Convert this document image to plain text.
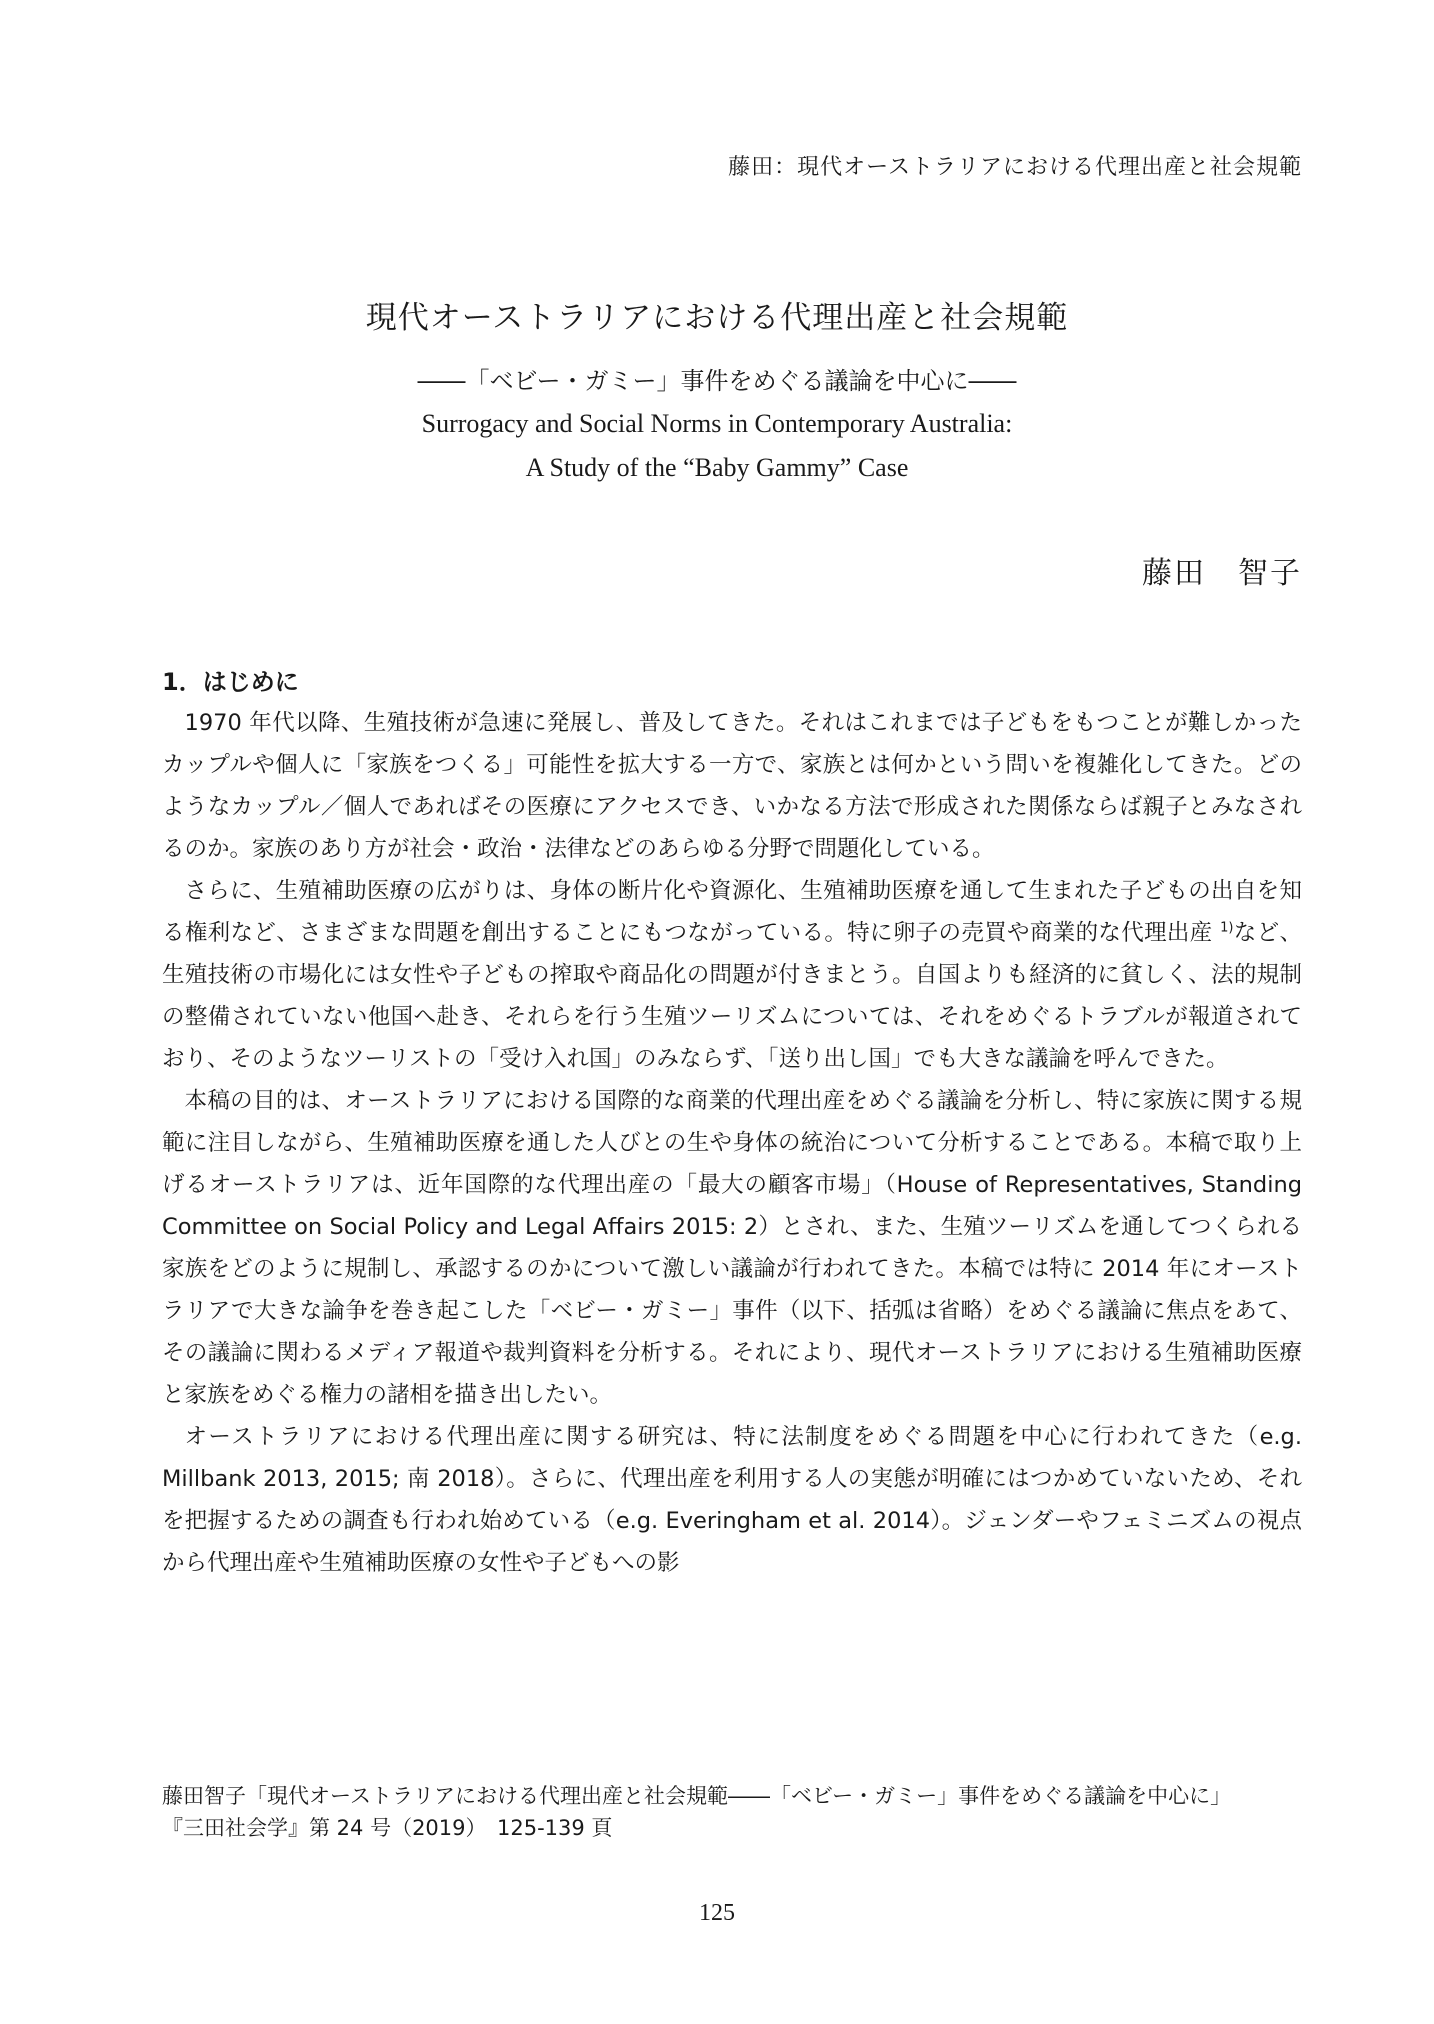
藤田：現代オーストラリアにおける代理出産と社会規範
現代オーストラリアにおける代理出産と社会規範
――「ベビー・ガミー」事件をめぐる議論を中心に――
Surrogacy and Social Norms in Contemporary Australia:
A Study of the “Baby Gammy” Case
藤田　智子
1．はじめに

1970 年代以降、生殖技術が急速に発展し、普及してきた。それはこれまでは子どもをもつことが難しかったカップルや個人に「家族をつくる」可能性を拡大する一方で、家族とは何かという問いを複雑化してきた。どのようなカップル／個人であればその医療にアクセスでき、いかなる方法で形成された関係ならば親子とみなされるのか。家族のあり方が社会・政治・法律などのあらゆる分野で問題化している。

さらに、生殖補助医療の広がりは、身体の断片化や資源化、生殖補助医療を通して生まれた子どもの出自を知る権利など、さまざまな問題を創出することにもつながっている。特に卵子の売買や商業的な代理出産 $^{1)}$など、生殖技術の市場化には女性や子どもの搾取や商品化の問題が付きまとう。自国よりも経済的に貧しく、法的規制の整備されていない他国へ赴き、それらを行う生殖ツーリズムについては、それをめぐるトラブルが報道されており、そのようなツーリストの「受け入れ国」のみならず、「送り出し国」でも大きな議論を呼んできた。

本稿の目的は、オーストラリアにおける国際的な商業的代理出産をめぐる議論を分析し、特に家族に関する規範に注目しながら、生殖補助医療を通した人びとの生や身体の統治について分析することである。本稿で取り上げるオーストラリアは、近年国際的な代理出産の「最大の顧客市場」（House of Representatives, Standing Committee on Social Policy and Legal Affairs 2015: 2）とされ、また、生殖ツーリズムを通してつくられる家族をどのように規制し、承認するのかについて激しい議論が行われてきた。本稿では特に 2014 年にオーストラリアで大きな論争を巻き起こした「ベビー・ガミー」事件（以下、括弧は省略）をめぐる議論に焦点をあて、その議論に関わるメディア報道や裁判資料を分析する。それにより、現代オーストラリアにおける生殖補助医療と家族をめぐる権力の諸相を描き出したい。

オーストラリアにおける代理出産に関する研究は、特に法制度をめぐる問題を中心に行われてきた（e.g. Millbank 2013, 2015; 南 2018）。さらに、代理出産を利用する人の実態が明確にはつかめていないため、それを把握するための調査も行われ始めている（e.g. Everingham et al. 2014）。ジェンダーやフェミニズムの視点から代理出産や生殖補助医療の女性や子どもへの影

藤田智子「現代オーストラリアにおける代理出産と社会規範――「ベビー・ガミー」事件をめぐる議論を中心に」
『三田社会学』第 24 号（2019）　125-139 頁
125
